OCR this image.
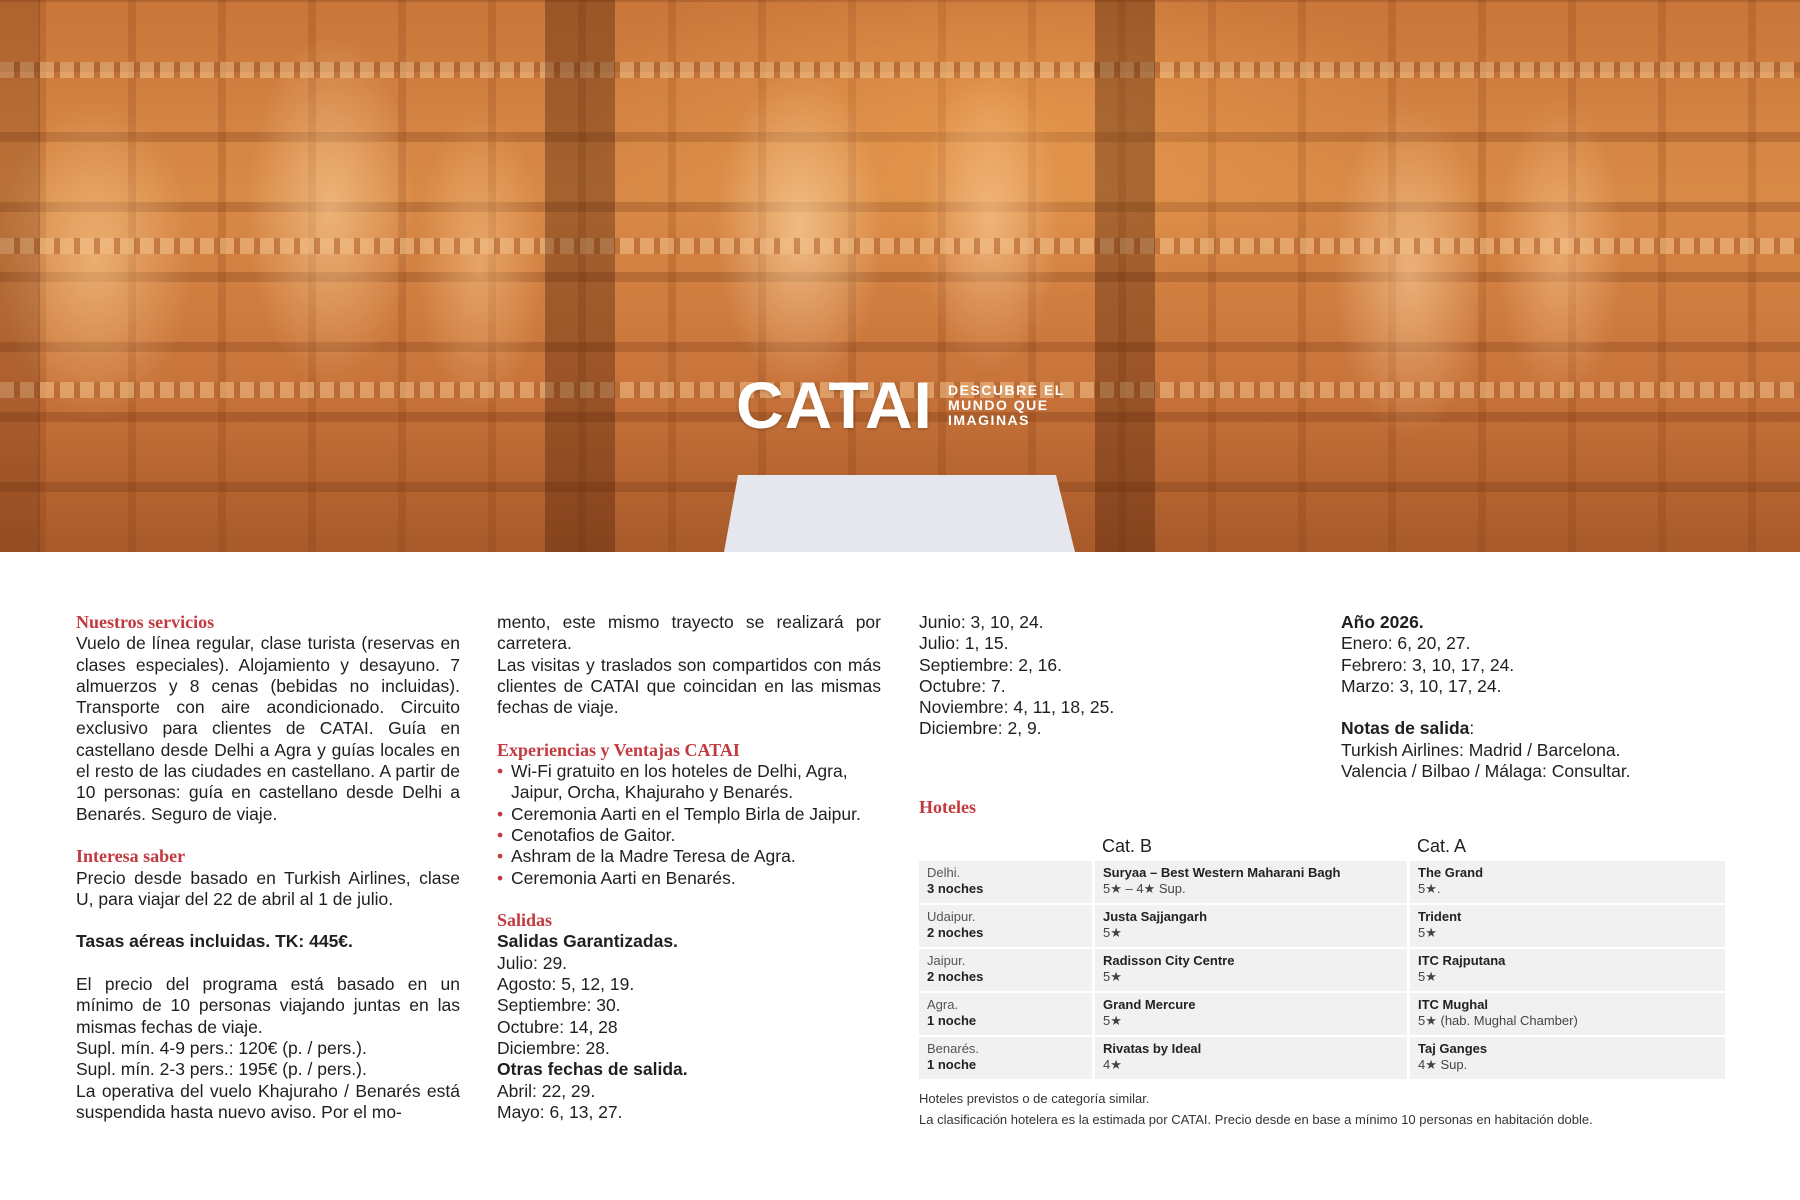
CATAI DESCUBRE EL
MUNDO QUE
IMAGINAS
Nuestros servicios
Vuelo de línea regular, clase turista (reservas en clases especiales). Alojamiento y desayuno. 7 almuerzos y 8 cenas (bebidas no incluidas). Transporte con aire acondicionado. Circuito exclusivo para clientes de CATAI. Guía en castellano desde Delhi a Agra y guías locales en el resto de las ciudades en castellano. A partir de 10 personas: guía en castellano desde Delhi a Benarés. Seguro de viaje.
Interesa saber
Precio desde basado en Turkish Airlines, clase U, para viajar del 22 de abril al 1 de julio.
Tasas aéreas incluidas. TK: 445€.
El precio del programa está basado en un mínimo de 10 personas viajando juntas en las mismas fechas de viaje.
Supl. mín. 4-9 pers.: 120€ (p. / pers.).
Supl. mín. 2-3 pers.: 195€ (p. / pers.).
La operativa del vuelo Khajuraho / Benarés está suspendida hasta nuevo aviso. Por el mo-
mento, este mismo trayecto se realizará por carretera.
Las visitas y traslados son compartidos con más clientes de CATAI que coincidan en las mismas fechas de viaje.
Experiencias y Ventajas CATAI
• Wi-Fi gratuito en los hoteles de Delhi, Agra, Jaipur, Orcha, Khajuraho y Benarés.
• Ceremonia Aarti en el Templo Birla de Jaipur.
• Cenotafios de Gaitor.
• Ashram de la Madre Teresa de Agra.
• Ceremonia Aarti en Benarés.
Salidas
Salidas Garantizadas.
Julio: 29.
Agosto: 5, 12, 19.
Septiembre: 30.
Octubre: 14, 28
Diciembre: 28.
Otras fechas de salida.
Abril: 22, 29.
Mayo: 6, 13, 27.
Junio: 3, 10, 24.
Julio: 1, 15.
Septiembre: 2, 16.
Octubre: 7.
Noviembre: 4, 11, 18, 25.
Diciembre: 2, 9.
Año 2026.
Enero: 6, 20, 27.
Febrero: 3, 10, 17, 24.
Marzo: 3, 10, 17, 24.
Notas de salida:
Turkish Airlines: Madrid / Barcelona.
Valencia / Bilbao / Málaga: Consultar.
Hoteles
Cat. B	Cat. A
Delhi.
3 noches
Suryaa – Best Western Maharani Bagh
5★ – 4★ Sup.
The Grand
5★.
Udaipur.
2 noches
Justa Sajjangarh
5★
Trident
5★
Jaipur.
2 noches
Radisson City Centre
5★
ITC Rajputana
5★
Agra.
1 noche
Grand Mercure
5★
ITC Mughal
5★ (hab. Mughal Chamber)
Benarés.
1 noche
Rivatas by Ideal
4★
Taj Ganges
4★ Sup.
Hoteles previstos o de categoría similar.
La clasificación hotelera es la estimada por CATAI. Precio desde en base a mínimo 10 personas en habitación doble.
